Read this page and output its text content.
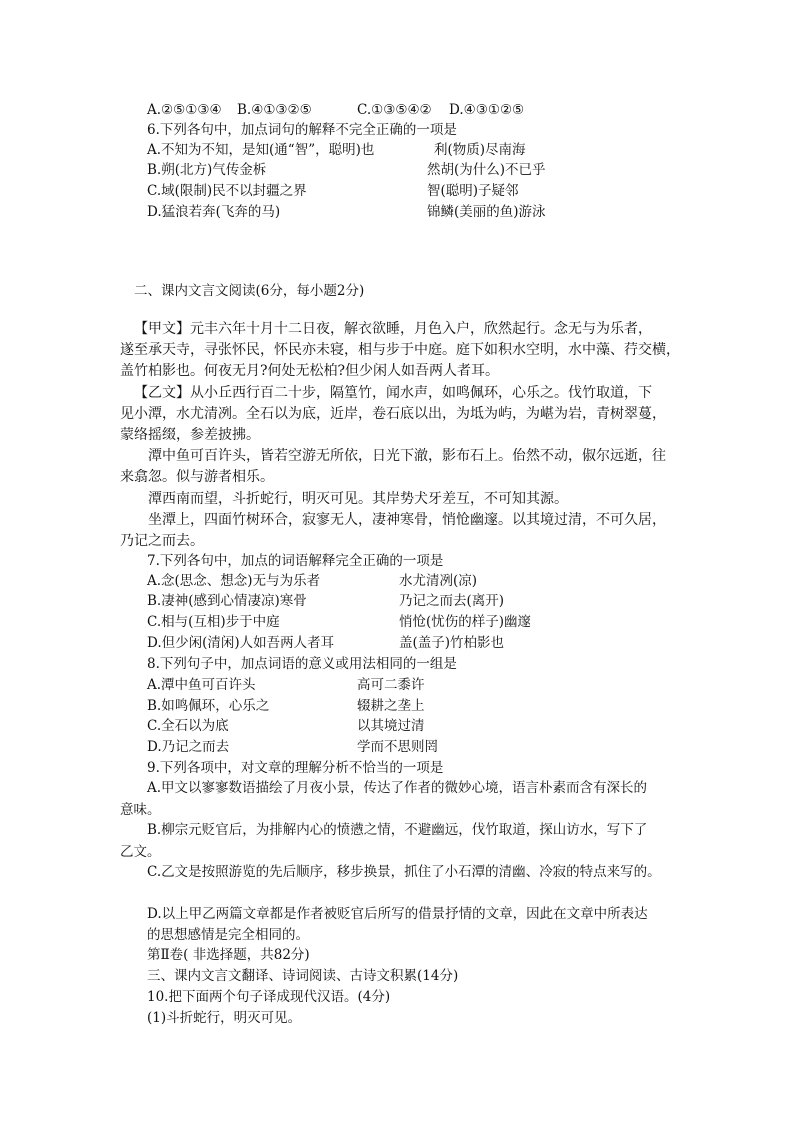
A.②⑤①③④ B.④①③②⑤	C.①③⑤④② D.④③①②⑤
6.下列各句中，加点词句的解释不完全正确的一项是
A.不知为不知，是知(通“智”，聪明)也	利(物质)尽南海
B.朔(北方)气传金柝	然胡(为什么)不已乎
C.域(限制)民不以封疆之界	智(聪明)子疑邻
D.猛浪若奔(飞奔的马)	锦鳞(美丽的鱼)游泳
二、课内文言文阅读(6分，每小题2分)
【甲文】元丰六年十月十二日夜，解衣欲睡，月色入户，欣然起行。念无与为乐者，
遂至承天寺，寻张怀民，怀民亦未寝，相与步于中庭。庭下如积水空明，水中藻、荇交横，
盖竹柏影也。何夜无月?何处无松柏?但少闲人如吾两人者耳。
【乙文】从小丘西行百二十步，隔篁竹，闻水声，如鸣佩环，心乐之。伐竹取道，下
见小潭，水尤清冽。全石以为底，近岸，卷石底以出，为坻为屿，为嵁为岩，青树翠蔓，
蒙络摇缀，参差披拂。
潭中鱼可百许头，皆若空游无所依，日光下澈，影布石上。佁然不动，俶尔远逝，往
来翕忽。似与游者相乐。
潭西南而望，斗折蛇行，明灭可见。其岸势犬牙差互，不可知其源。
坐潭上，四面竹树环合，寂寥无人，凄神寒骨，悄怆幽邃。以其境过清，不可久居，
乃记之而去。
7.下列各句中，加点的词语解释完全正确的一项是
A.念(思念、想念)无与为乐者	水尤清冽(凉)
B.凄神(感到心情凄凉)寒骨	乃记之而去(离开)
C.相与(互相)步于中庭	悄怆(忧伤的样子)幽邃
D.但少闲(清闲)人如吾两人者耳	盖(盖子)竹柏影也
8.下列句子中，加点词语的意义或用法相同的一组是
A.潭中鱼可百许头	高可二黍许
B.如鸣佩环，心乐之	辍耕之垄上
C.全石以为底	以其境过清
D.乃记之而去	学而不思则罔
9.下列各项中，对文章的理解分析不恰当的一项是
A.甲文以寥寥数语描绘了月夜小景，传达了作者的微妙心境，语言朴素而含有深长的
意味。
B.柳宗元贬官后，为排解内心的愤懑之情，不避幽远，伐竹取道，探山访水，写下了
乙文。
C.乙文是按照游览的先后顺序，移步换景，抓住了小石潭的清幽、冷寂的特点来写的。
D.以上甲乙两篇文章都是作者被贬官后所写的借景抒情的文章，因此在文章中所表达
的思想感情是完全相同的。
第Ⅱ卷( 非选择题，共82分)
三、课内文言文翻译、诗词阅读、古诗文积累(14分)
10.把下面两个句子译成现代汉语。(4分)
(1)斗折蛇行，明灭可见。
